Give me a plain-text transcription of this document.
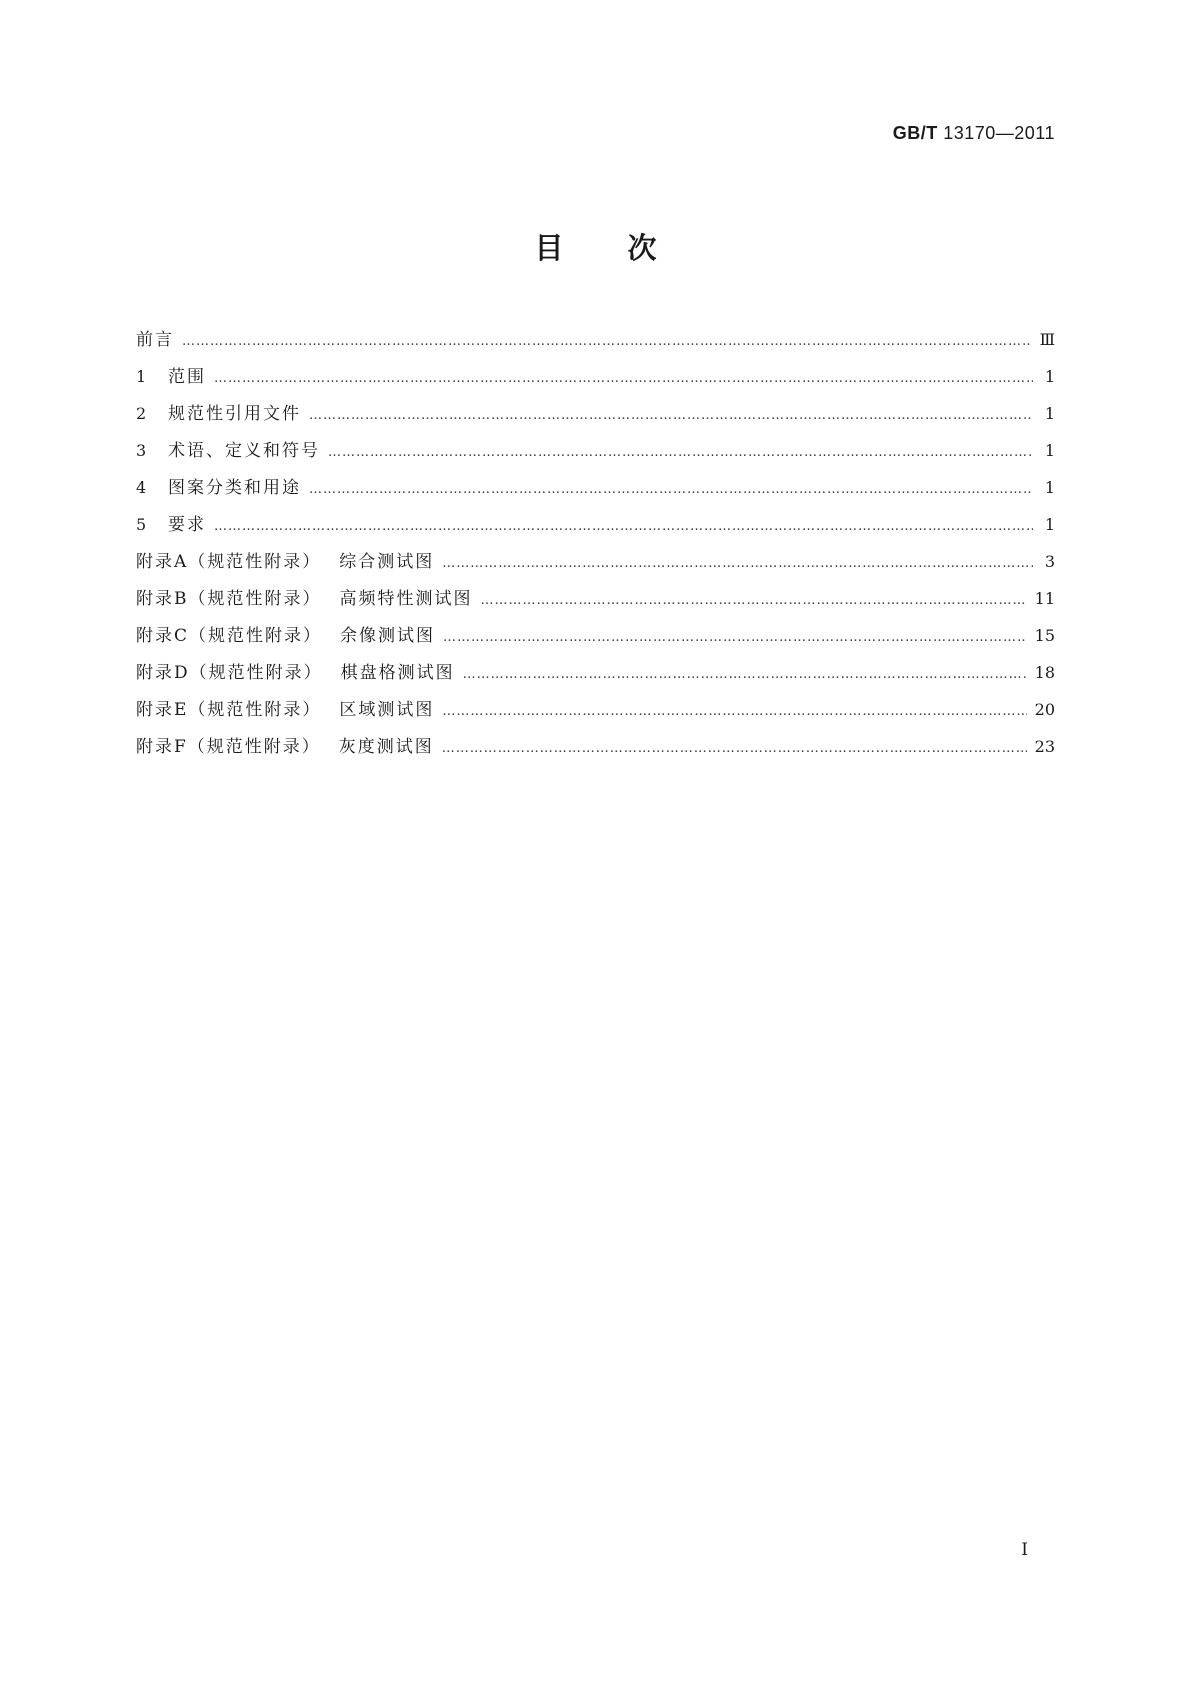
GB/T 13170—2011
目次
前言 …………………………………………………………………………………………………………………………………………………………………………………………………………	Ⅲ
1	范围 …………………………………………………………………………………………………………………………………………………………………………………………………………	1
2	规范性引用文件 …………………………………………………………………………………………………………………………………………………………………………………………………………	1
3	术语、定义和符号 …………………………………………………………………………………………………………………………………………………………………………………………………………	1
4	图案分类和用途 …………………………………………………………………………………………………………………………………………………………………………………………………………	1
5	要求 …………………………………………………………………………………………………………………………………………………………………………………………………………	1
附录A（规范性附录） 综合测试图 …………………………………………………………………………………………………………………………………………………………………………………………………………	3
附录B（规范性附录） 高频特性测试图 …………………………………………………………………………………………………………………………………………………………………………………………………………	11
附录C（规范性附录） 余像测试图 …………………………………………………………………………………………………………………………………………………………………………………………………………	15
附录D（规范性附录） 棋盘格测试图 …………………………………………………………………………………………………………………………………………………………………………………………………………	18
附录E（规范性附录） 区域测试图 …………………………………………………………………………………………………………………………………………………………………………………………………………	20
附录F（规范性附录） 灰度测试图 …………………………………………………………………………………………………………………………………………………………………………………………………………	23
Ⅰ
